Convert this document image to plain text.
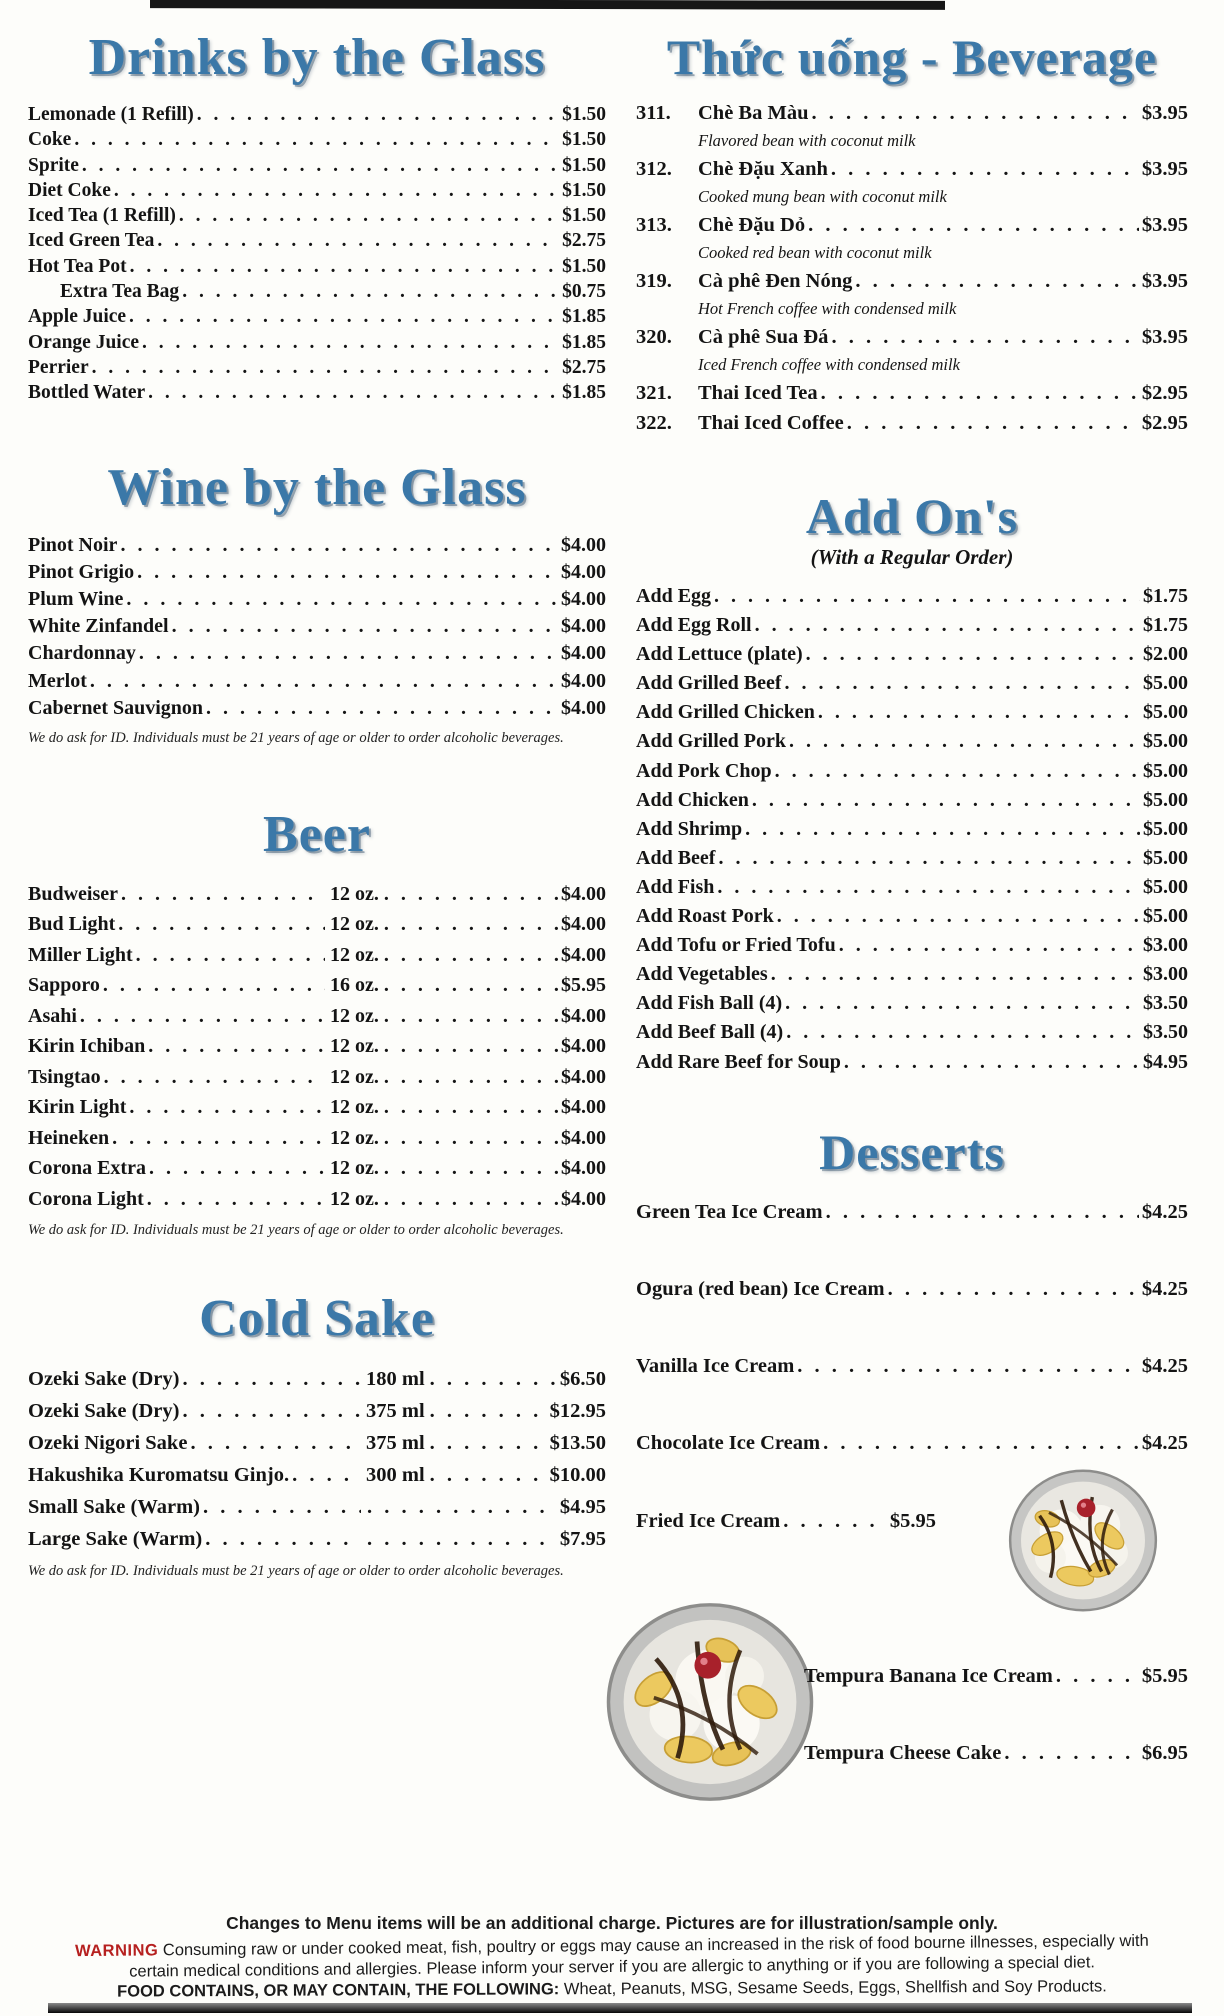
Drinks by the Glass
Lemonade (1 Refill) . . .	$1.50
Coke . . .	$1.50
Sprite . . .	$1.50
Diet Coke . . .	$1.50
Iced Tea (1 Refill) . . .	$1.50
Iced Green Tea . . .	$2.75
Hot Tea Pot . . .	$1.50
Extra Tea Bag . . .	$0.75
Apple Juice . . .	$1.85
Orange Juice . . .	$1.85
Perrier . . .	$2.75
Bottled Water . . .	$1.85
Wine by the Glass
Pinot Noir . . .	$4.00
Pinot Grigio . . .	$4.00
Plum Wine . . .	$4.00
White Zinfandel . . .	$4.00
Chardonnay . . .	$4.00
Merlot . . .	$4.00
Cabernet Sauvignon . . .	$4.00

We do ask for ID. Individuals must be 21 years of age or older to order alcoholic beverages.

Beer
Budweiser . . .	12 oz. . . .	$4.00
Bud Light . . .	12 oz. . . .	$4.00
Miller Light . . .	12 oz. . . .	$4.00
Sapporo . . .	16 oz. . . .	$5.95
Asahi . . .	12 oz. . . .	$4.00
Kirin Ichiban . . .	12 oz. . . .	$4.00
Tsingtao . . .	12 oz. . . .	$4.00
Kirin Light . . .	12 oz. . . .	$4.00
Heineken . . .	12 oz. . . .	$4.00
Corona Extra . . .	12 oz. . . .	$4.00
Corona Light . . .	12 oz. . . .	$4.00

We do ask for ID. Individuals must be 21 years of age or older to order alcoholic beverages.

Cold Sake
Ozeki Sake (Dry) . . .	180 ml . . .	$6.50
Ozeki Sake (Dry) . . .	375 ml . . .	$12.95
Ozeki Nigori Sake . . .	375 ml . . .	$13.50
Hakushika Kuromatsu Ginjo. . . .	300 ml . . .	$10.00
Small Sake (Warm) . . . . . .	$4.95
Large Sake (Warm) . . . . . .	$7.95

We do ask for ID. Individuals must be 21 years of age or older to order alcoholic beverages.

Thức uống - Beverage
311.	Chè Ba Màu . . .	$3.95
Flavored bean with coconut milk
312.	Chè Đặu Xanh . . .	$3.95
Cooked mung bean with coconut milk
313.	Chè Đặu Dỏ . . .	$3.95
Cooked red bean with coconut milk
319.	Cà phê Đen Nóng . . .	$3.95
Hot French coffee with condensed milk
320.	Cà phê Sua Đá . . .	$3.95
Iced French coffee with condensed milk
321.	Thai Iced Tea . . .	$2.95
322.	Thai Iced Coffee . . .	$2.95
Add On's

(With a Regular Order)

Add Egg . . .	$1.75
Add Egg Roll . . .	$1.75
Add Lettuce (plate) . . .	$2.00
Add Grilled Beef . . .	$5.00
Add Grilled Chicken . . .	$5.00
Add Grilled Pork . . .	$5.00
Add Pork Chop . . .	$5.00
Add Chicken . . .	$5.00
Add Shrimp . . .	$5.00
Add Beef . . .	$5.00
Add Fish . . .	$5.00
Add Roast Pork . . .	$5.00
Add Tofu or Fried Tofu . . .	$3.00
Add Vegetables . . .	$3.00
Add Fish Ball (4) . . .	$3.50
Add Beef Ball (4) . . .	$3.50
Add Rare Beef for Soup . . .	$4.95
Desserts
Green Tea Ice Cream . . .	$4.25
Ogura (red bean) Ice Cream . . .	$4.25
Vanilla Ice Cream . . .	$4.25
Chocolate Ice Cream . . .	$4.25
Fried Ice Cream . . .	$5.95
Tempura Banana Ice Cream . . .	$5.95
Tempura Cheese Cake . . .	$6.95

Changes to Menu items will be an additional charge. Pictures are for illustration/sample only.

WARNING Consuming raw or under cooked meat, fish, poultry or eggs may cause an increased in the risk of food bourne illnesses, especially with certain medical conditions and allergies. Please inform your server if you are allergic to anything or if you are following a special diet.

FOOD CONTAINS, OR MAY CONTAIN, THE FOLLOWING: Wheat, Peanuts, MSG, Sesame Seeds, Eggs, Shellfish and Soy Products.
